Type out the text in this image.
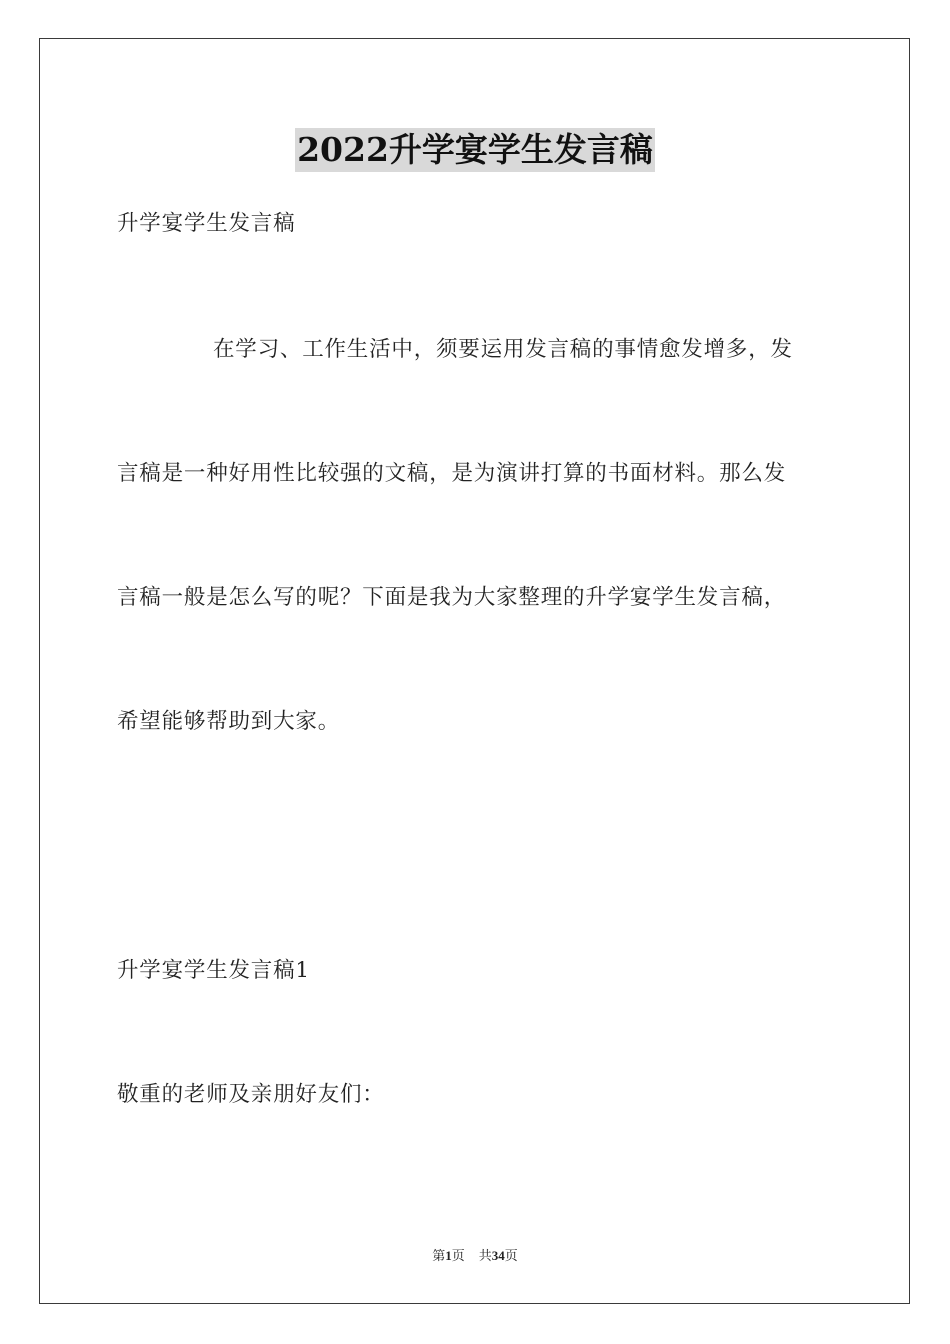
2022升学宴学生发言稿
升学宴学生发言稿
在学习、工作生活中，须要运用发言稿的事情愈发增多，发
言稿是一种好用性比较强的文稿，是为演讲打算的书面材料。那么发
言稿一般是怎么写的呢？下面是我为大家整理的升学宴学生发言稿，
希望能够帮助到大家。
升学宴学生发言稿1
敬重的老师及亲朋好友们：
第1页 共34页
